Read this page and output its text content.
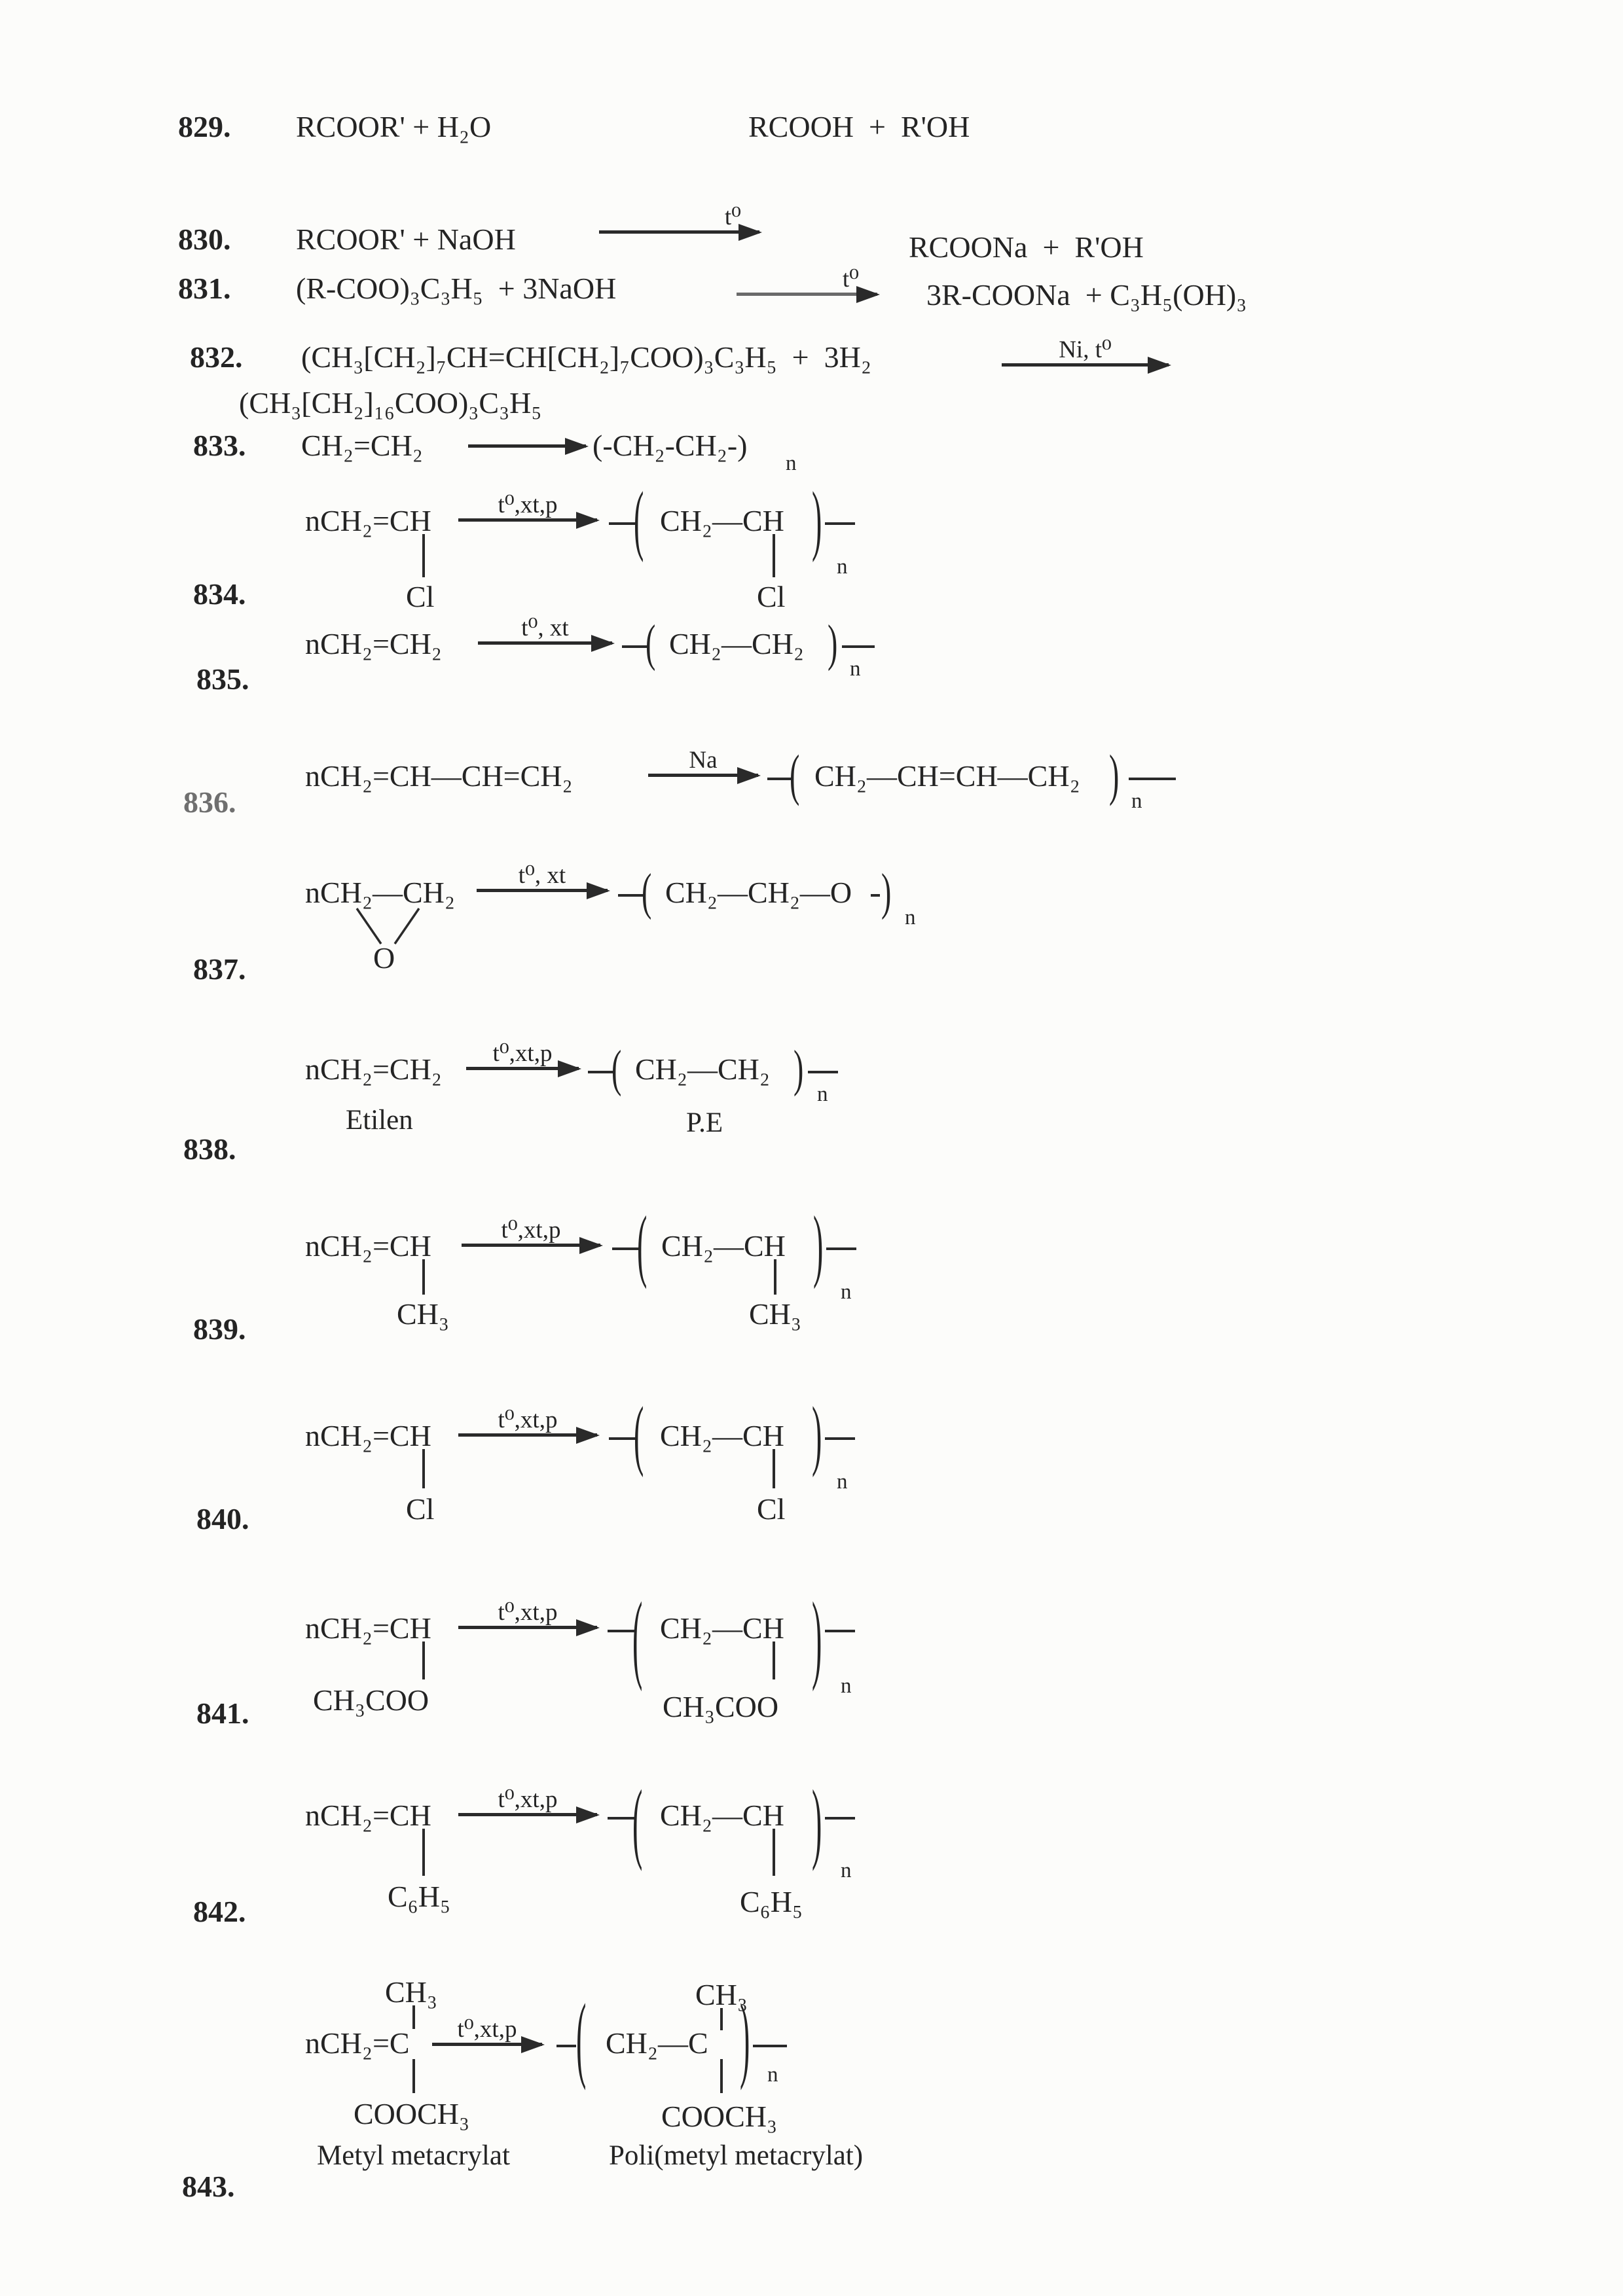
829. RCOOR' + H₂O	RCOOH  +  R'OH
830. RCOOR' + NaOH
t⁰
RCOONa  +  R'OH
831. (R-COO)₃C₃H₅  + 3NaOH	t⁰	3R-COONa  + C₃H₅(OH)₃
832. (CH₃[CH₂]₇CH=CH[CH₂]₇COO)₃C₃H₅  +  3H₂	Ni, t⁰
(CH₃[CH₂]₁₆COO)₃C₃H₅
833. CH₂=CH₂	(-CH₂-CH₂-)
n
nCH₂=CH
Cl
t⁰,xt,p	( CH₂—CH
Cl
)
n
834.
nCH₂=CH₂	t⁰, xt	( CH₂—CH₂ ) n
835.
nCH₂=CH—CH=CH₂	Na	( CH₂—CH=CH—CH₂ ) n
836.
nCH₂—CH₂
O
t⁰, xt	( CH₂—CH₂—O ) n
837.
nCH₂=CH₂	t⁰,xt,p	( CH₂—CH₂ ) n
Etilen	P.E
838.
nCH₂=CH
CH₃
t⁰,xt,p	( CH₂—CH
CH₃
)
n
839.
nCH₂=CH
Cl
t⁰,xt,p	( CH₂—CH
Cl
)
n
840.
nCH₂=CH
CH₃COO
t⁰,xt,p	( CH₂—CH
CH₃COO
) n
841.
nCH₂=CH
C₆H₅
t⁰,xt,p	( CH₂—CH
C₆H₅
) n
842.
CH₃
nCH₂=C
COOCH₃
t⁰,xt,p	(	CH₃
CH₂—C
COOCH₃
) n
Metyl metacrylat	Poli(metyl metacrylat)
843.
